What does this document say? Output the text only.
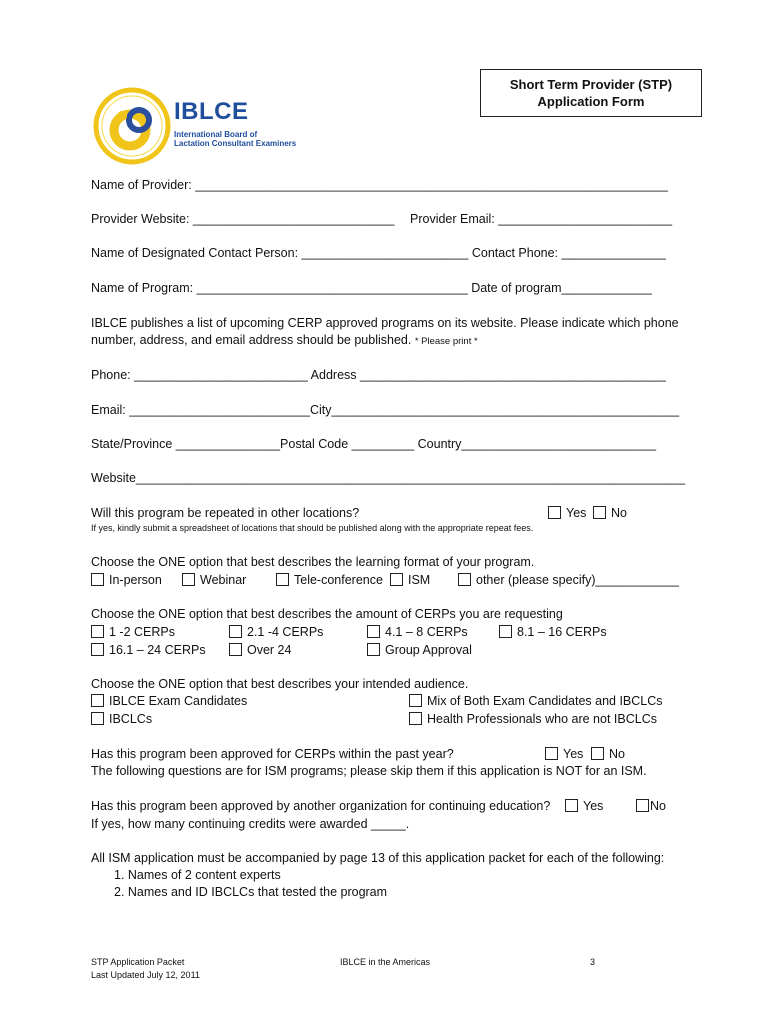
Short Term Provider (STP)
Application Form
IBLCE
International Board of
Lactation Consultant Examiners
Name of Provider: ____________________________________________________________________
Provider Website: _____________________________ Provider Email: _________________________
Name of Designated Contact Person: ________________________ Contact Phone: _______________
Name of Program: _______________________________________ Date of program_____________
IBLCE publishes a list of upcoming CERP approved programs on its website. Please indicate which phone
number, address, and email address should be published. * Please print *
Phone: _________________________ Address ____________________________________________
Email: __________________________City__________________________________________________
State/Province _______________Postal Code _________ Country____________________________
Website_______________________________________________________________________________
Will this program be repeated in other locations?	Yes	No
If yes, kindly submit a spreadsheet of locations that should be published along with the appropriate repeat fees.
Choose the ONE option that best describes the learning format of your program.
In-person	Webinar	Tele-conference	ISM	other (please specify)____________
Choose the ONE option that best describes the amount of CERPs you are requesting
1 -2 CERPs	2.1 -4 CERPs	4.1 – 8 CERPs	8.1 – 16 CERPs
16.1 – 24 CERPs	Over 24	Group Approval
Choose the ONE option that best describes your intended audience.
IBLCE Exam Candidates	Mix of Both Exam Candidates and IBCLCs
IBCLCs	Health Professionals who are not IBCLCs
Has this program been approved for CERPs within the past year?	Yes	No
The following questions are for ISM programs; please skip them if this application is NOT for an ISM.
Has this program been approved by another organization for continuing education?	Yes	No
If yes, how many continuing credits were awarded _____.
All ISM application must be accompanied by page 13 of this application packet for each of the following:
1. Names of 2 content experts
2. Names and ID IBCLCs that tested the program
STP Application Packet
Last Updated July 12, 2011
IBLCE in the Americas	3
